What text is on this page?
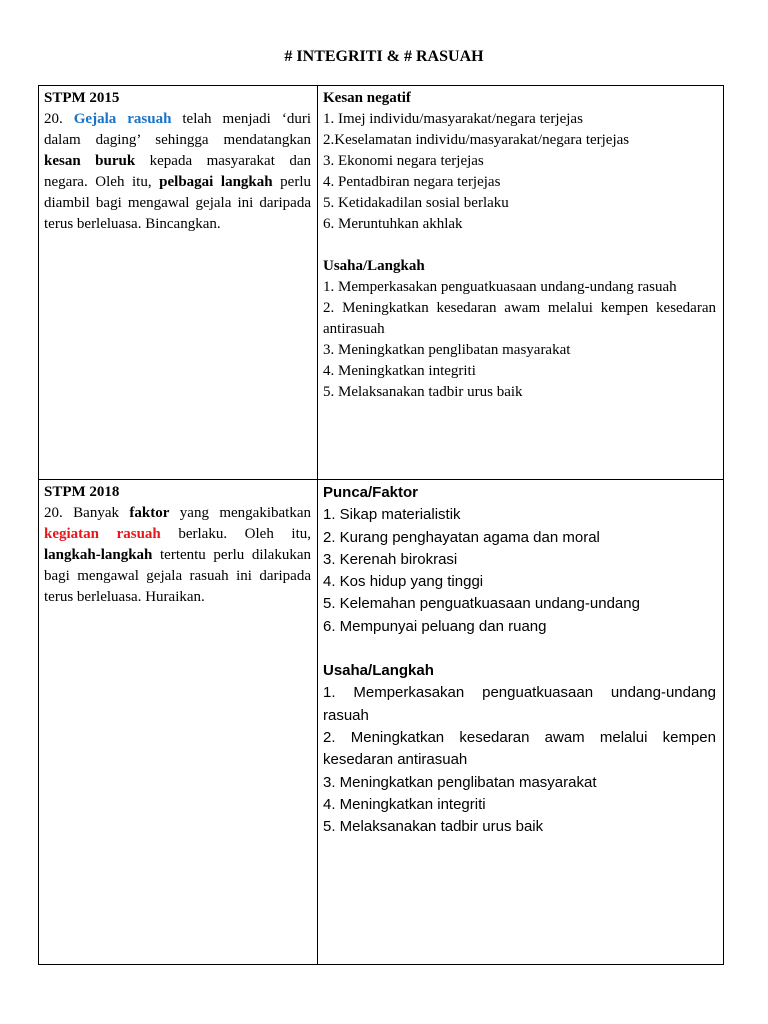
# INTEGRITI & # RASUAH
STPM 2015

20. Gejala rasuah telah menjadi ‘duri dalam daging’ sehingga mendatangkan kesan buruk kepada masyarakat dan negara. Oleh itu, pelbagai langkah perlu diambil bagi mengawal gejala ini daripada terus berleluasa. Bincangkan.

Kesan negatif
1. Imej individu/masyarakat/negara terjejas
2.Keselamatan individu/masyarakat/negara terjejas
3. Ekonomi negara terjejas
4. Pentadbiran negara terjejas
5. Ketidakadilan sosial berlaku
6. Meruntuhkan akhlak
Usaha/Langkah
1. Memperkasakan penguatkuasaan undang-undang rasuah
2. Meningkatkan kesedaran awam melalui kempen kesedaran antirasuah
3. Meningkatkan penglibatan masyarakat
4. Meningkatkan integriti
5. Melaksanakan tadbir urus baik
STPM 2018

20. Banyak faktor yang mengakibatkan kegiatan rasuah berlaku. Oleh itu, langkah-langkah tertentu perlu dilakukan bagi mengawal gejala rasuah ini daripada terus berleluasa. Huraikan.

Punca/Faktor
1. Sikap materialistik
2. Kurang penghayatan agama dan moral
3. Kerenah birokrasi
4. Kos hidup yang tinggi
5. Kelemahan penguatkuasaan undang-undang
6. Mempunyai peluang dan ruang
Usaha/Langkah
1. Memperkasakan penguatkuasaan undang-undang rasuah
2. Meningkatkan kesedaran awam melalui kempen kesedaran antirasuah
3. Meningkatkan penglibatan masyarakat
4. Meningkatkan integriti
5. Melaksanakan tadbir urus baik
